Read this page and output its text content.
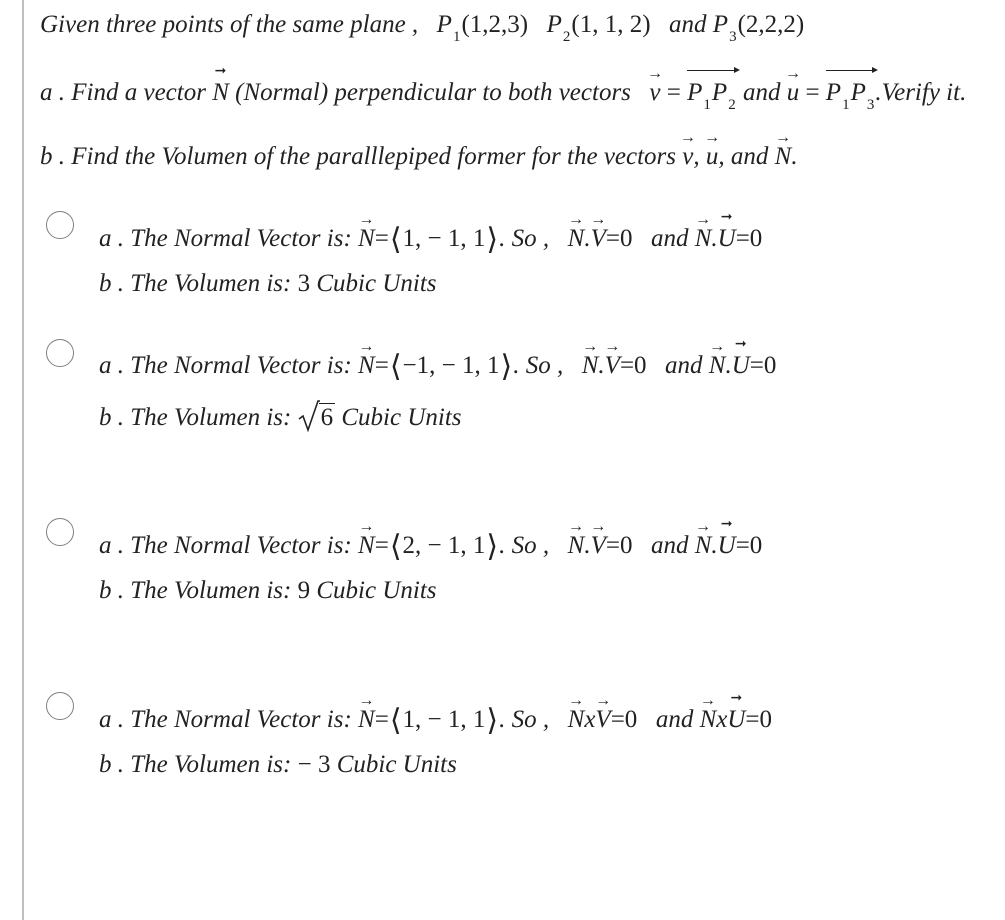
Given three points of the same plane , $P_1(1,2,3)$ $P_2(1$, 1, 2) and $P_3(2,2,2)$
a . Find a vector ➞ N (Normal) perpendicular to both vectors → $v = P_1P_2$ and → $u = P_1P_3.Verify$ it.
b . Find the Volumen of the paralllepiped former for the vectors → v, → u, and → N.
a . The Normal Vector is: → N=⟨1, − 1, 1⟩. So , → N.→ V=0 and → N.➞ U=0
b . The Volumen is: 3 Cubic Units
a . The Normal Vector is: → N=⟨−1, − 1, 1⟩. So , → N.→ V=0 and → N.➞ U=0
b . The Volumen is: 6 Cubic Units
a . The Normal Vector is: → N=⟨2, − 1, 1⟩. So , → N.→ V=0 and → N.➞ U=0
b . The Volumen is: 9 Cubic Units
a . The Normal Vector is: → N=⟨1, − 1, 1⟩. So , → Nx→ V=0 and → Nx➞ U=0
b . The Volumen is: − 3 Cubic Units
